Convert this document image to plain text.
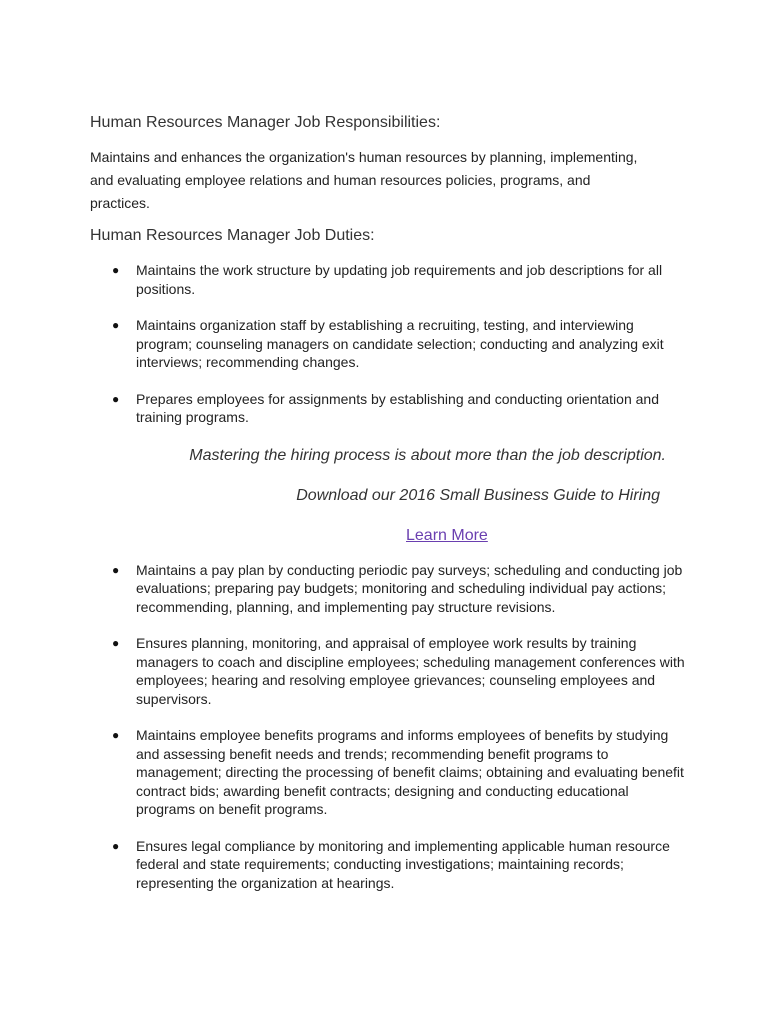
Human Resources Manager Job Responsibilities:

Maintains and enhances the organization's human resources by planning, implementing, and evaluating employee relations and human resources policies, programs, and practices.

Human Resources Manager Job Duties:

● Maintains the work structure by updating job requirements and job descriptions for all positions.
● Maintains organization staff by establishing a recruiting, testing, and interviewing program; counseling managers on candidate selection; conducting and analyzing exit interviews; recommending changes.
● Prepares employees for assignments by establishing and conducting orientation and training programs.

Mastering the hiring process is about more than the job description.

Download our 2016 Small Business Guide to Hiring

Learn More
● Maintains a pay plan by conducting periodic pay surveys; scheduling and conducting job evaluations; preparing pay budgets; monitoring and scheduling individual pay actions; recommending, planning, and implementing pay structure revisions.
● Ensures planning, monitoring, and appraisal of employee work results by training managers to coach and discipline employees; scheduling management conferences with employees; hearing and resolving employee grievances; counseling employees and supervisors.
● Maintains employee benefits programs and informs employees of benefits by studying and assessing benefit needs and trends; recommending benefit programs to management; directing the processing of benefit claims; obtaining and evaluating benefit contract bids; awarding benefit contracts; designing and conducting educational programs on benefit programs.
● Ensures legal compliance by monitoring and implementing applicable human resource federal and state requirements; conducting investigations; maintaining records; representing the organization at hearings.
